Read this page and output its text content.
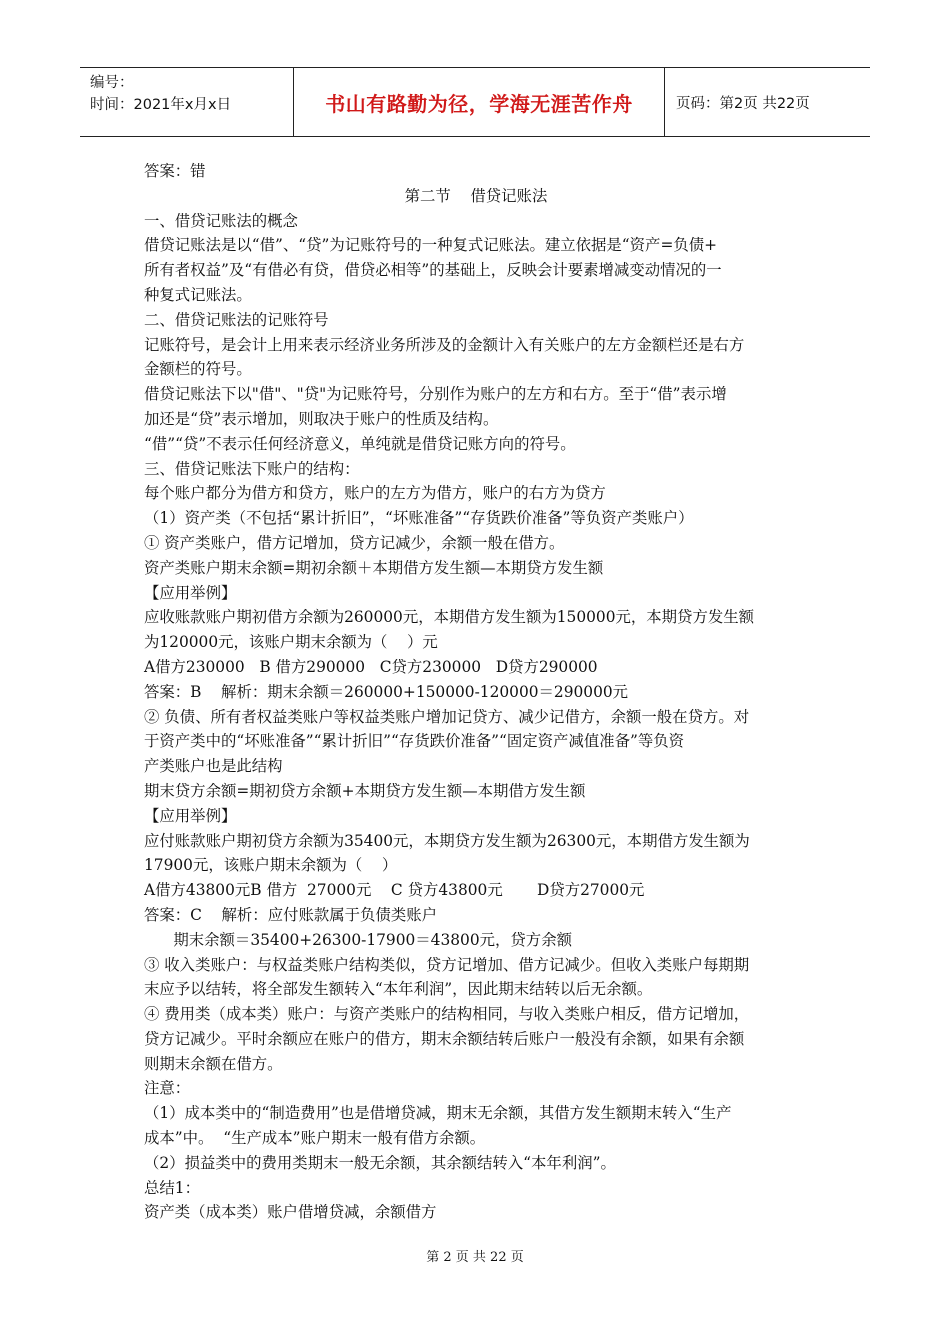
编号：
时间：2021年x月x日	书山有路勤为径，学海无涯苦作舟	页码：第2页 共22页

答案：错

第二节    借贷记账法

一、借贷记账法的概念

借贷记账法是以“借”、“贷”为记账符号的一种复式记账法。建立依据是“资产=负债+

所有者权益”及“有借必有贷，借贷必相等”的基础上，反映会计要素增减变动情况的一

种复式记账法。

二、借贷记账法的记账符号

记账符号，是会计上用来表示经济业务所涉及的金额计入有关账户的左方金额栏还是右方

金额栏的符号。

借贷记账法下以"借"、"贷"为记账符号，分别作为账户的左方和右方。至于“借”表示增

加还是“贷”表示增加，则取决于账户的性质及结构。

“借”“贷”不表示任何经济意义，单纯就是借贷记账方向的符号。

三、借贷记账法下账户的结构：

每个账户都分为借方和贷方，账户的左方为借方，账户的右方为贷方

（1）资产类（不包括“累计折旧”，“坏账准备”“存货跌价准备”等负资产类账户）

① 资产类账户，借方记增加，贷方记减少，余额一般在借方。

资产类账户期末余额=期初余额＋本期借方发生额—本期贷方发生额

【应用举例】

应收账款账户期初借方余额为260000元，本期借方发生额为150000元，本期贷方发生额

为120000元，该账户期末余额为（    ）元

A借方230000   B 借方290000   C贷方230000   D贷方290000

答案：B    解析：期末余额＝260000+150000-120000＝290000元

② 负债、所有者权益类账户等权益类账户增加记贷方、减少记借方，余额一般在贷方。对

于资产类中的“坏账准备”“累计折旧”“存货跌价准备”“固定资产减值准备”等负资

产类账户也是此结构

期末贷方余额=期初贷方余额+本期贷方发生额—本期借方发生额

【应用举例】

应付账款账户期初贷方余额为35400元，本期贷方发生额为26300元，本期借方发生额为

17900元，该账户期末余额为（    ）

A借方43800元B 借方  27000元    C 贷方43800元       D贷方27000元

答案：C    解析：应付账款属于负债类账户

期末余额＝35400+26300-17900＝43800元，贷方余额

③ 收入类账户：与权益类账户结构类似，贷方记增加、借方记减少。但收入类账户每期期

末应予以结转，将全部发生额转入“本年利润”，因此期末结转以后无余额。

④ 费用类（成本类）账户：与资产类账户的结构相同，与收入类账户相反，借方记增加，

贷方记减少。平时余额应在账户的借方，期末余额结转后账户一般没有余额，如果有余额

则期末余额在借方。

注意：

（1）成本类中的“制造费用”也是借增贷减，期末无余额，其借方发生额期末转入“生产

成本”中。  “生产成本”账户期末一般有借方余额。

（2）损益类中的费用类期末一般无余额，其余额结转入“本年利润”。

总结1：

资产类（成本类）账户借增贷减，余额借方

第 2 页 共 22 页
